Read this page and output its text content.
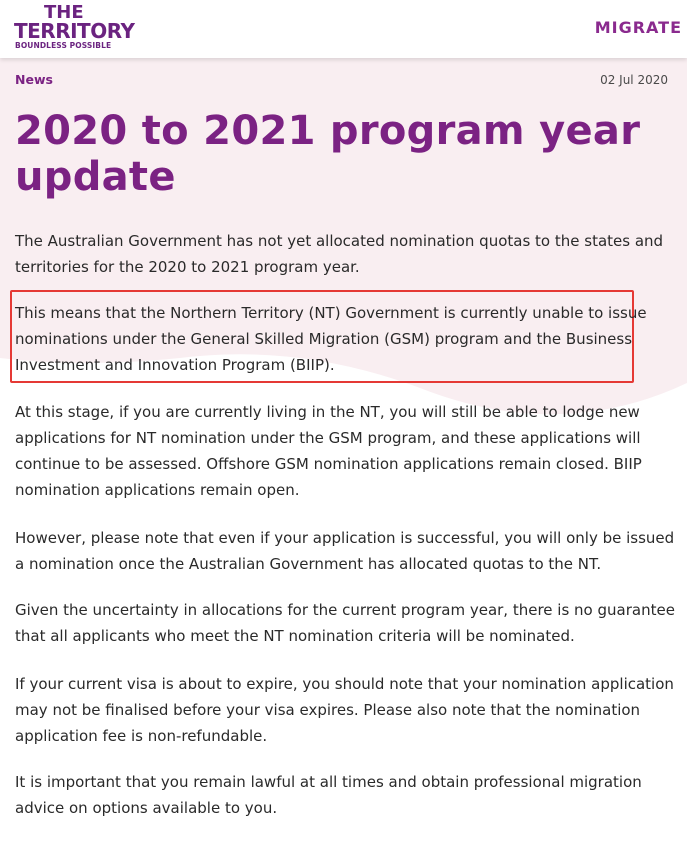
THE
TERRITORY
BOUNDLESS POSSIBLE
MIGRATE
News	02 Jul 2020
2020 to 2021 program year update

The Australian Government has not yet allocated nomination quotas to the states and territories for the 2020 to 2021 program year.

This means that the Northern Territory (NT) Government is currently unable to issue nominations under the General Skilled Migration (GSM) program and the Business Investment and Innovation Program (BIIP).

At this stage, if you are currently living in the NT, you will still be able to lodge new applications for NT nomination under the GSM program, and these applications will continue to be assessed. Offshore GSM nomination applications remain closed. BIIP nomination applications remain open.

However, please note that even if your application is successful, you will only be issued a nomination once the Australian Government has allocated quotas to the NT.

Given the uncertainty in allocations for the current program year, there is no guarantee that all applicants who meet the NT nomination criteria will be nominated.

If your current visa is about to expire, you should note that your nomination application may not be finalised before your visa expires. Please also note that the nomination application fee is non-refundable.

It is important that you remain lawful at all times and obtain professional migration advice on options available to you.
